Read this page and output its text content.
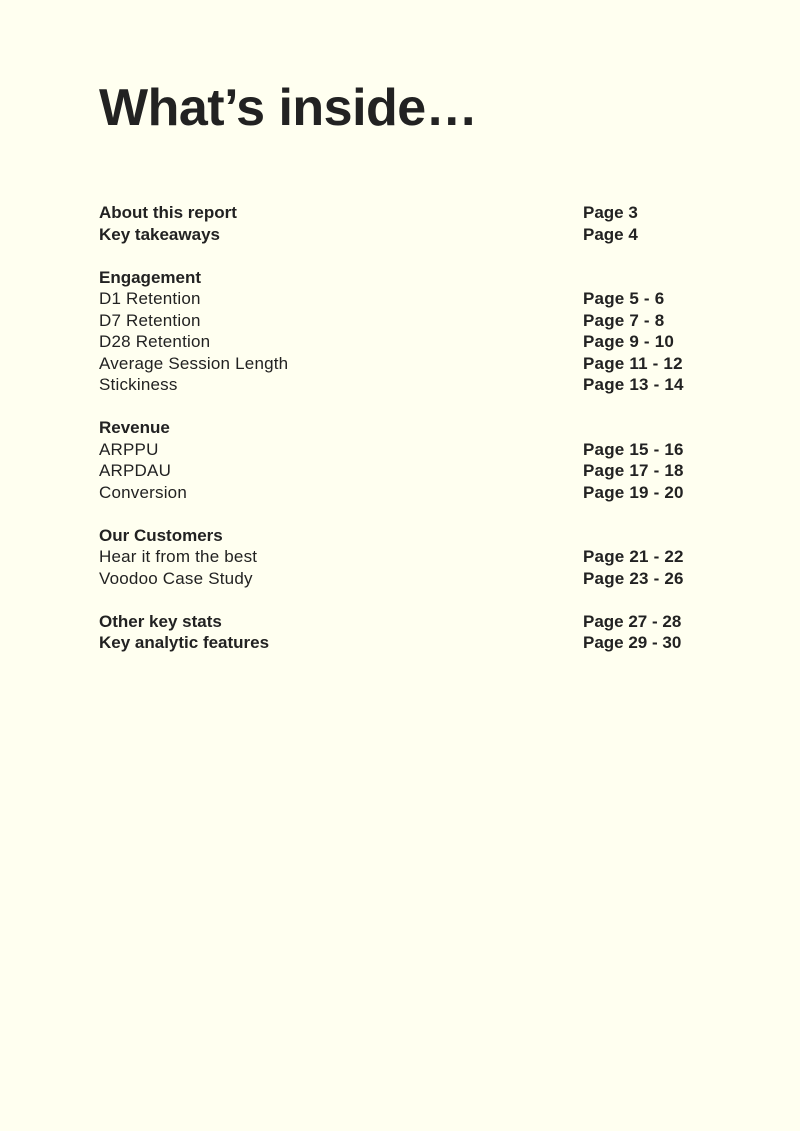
What’s inside…
About this report	Page 3
Key takeaways	Page 4
Engagement
D1 Retention	Page 5 - 6
D7 Retention	Page 7 - 8
D28 Retention	Page 9 - 10
Average Session Length	Page 11 - 12
Stickiness	Page 13 - 14
Revenue
ARPPU	Page 15 - 16
ARPDAU	Page 17 - 18
Conversion	Page 19 - 20
Our Customers
Hear it from the best	Page 21 - 22
Voodoo Case Study	Page 23 - 26
Other key stats	Page 27 - 28
Key analytic features	Page 29 - 30
